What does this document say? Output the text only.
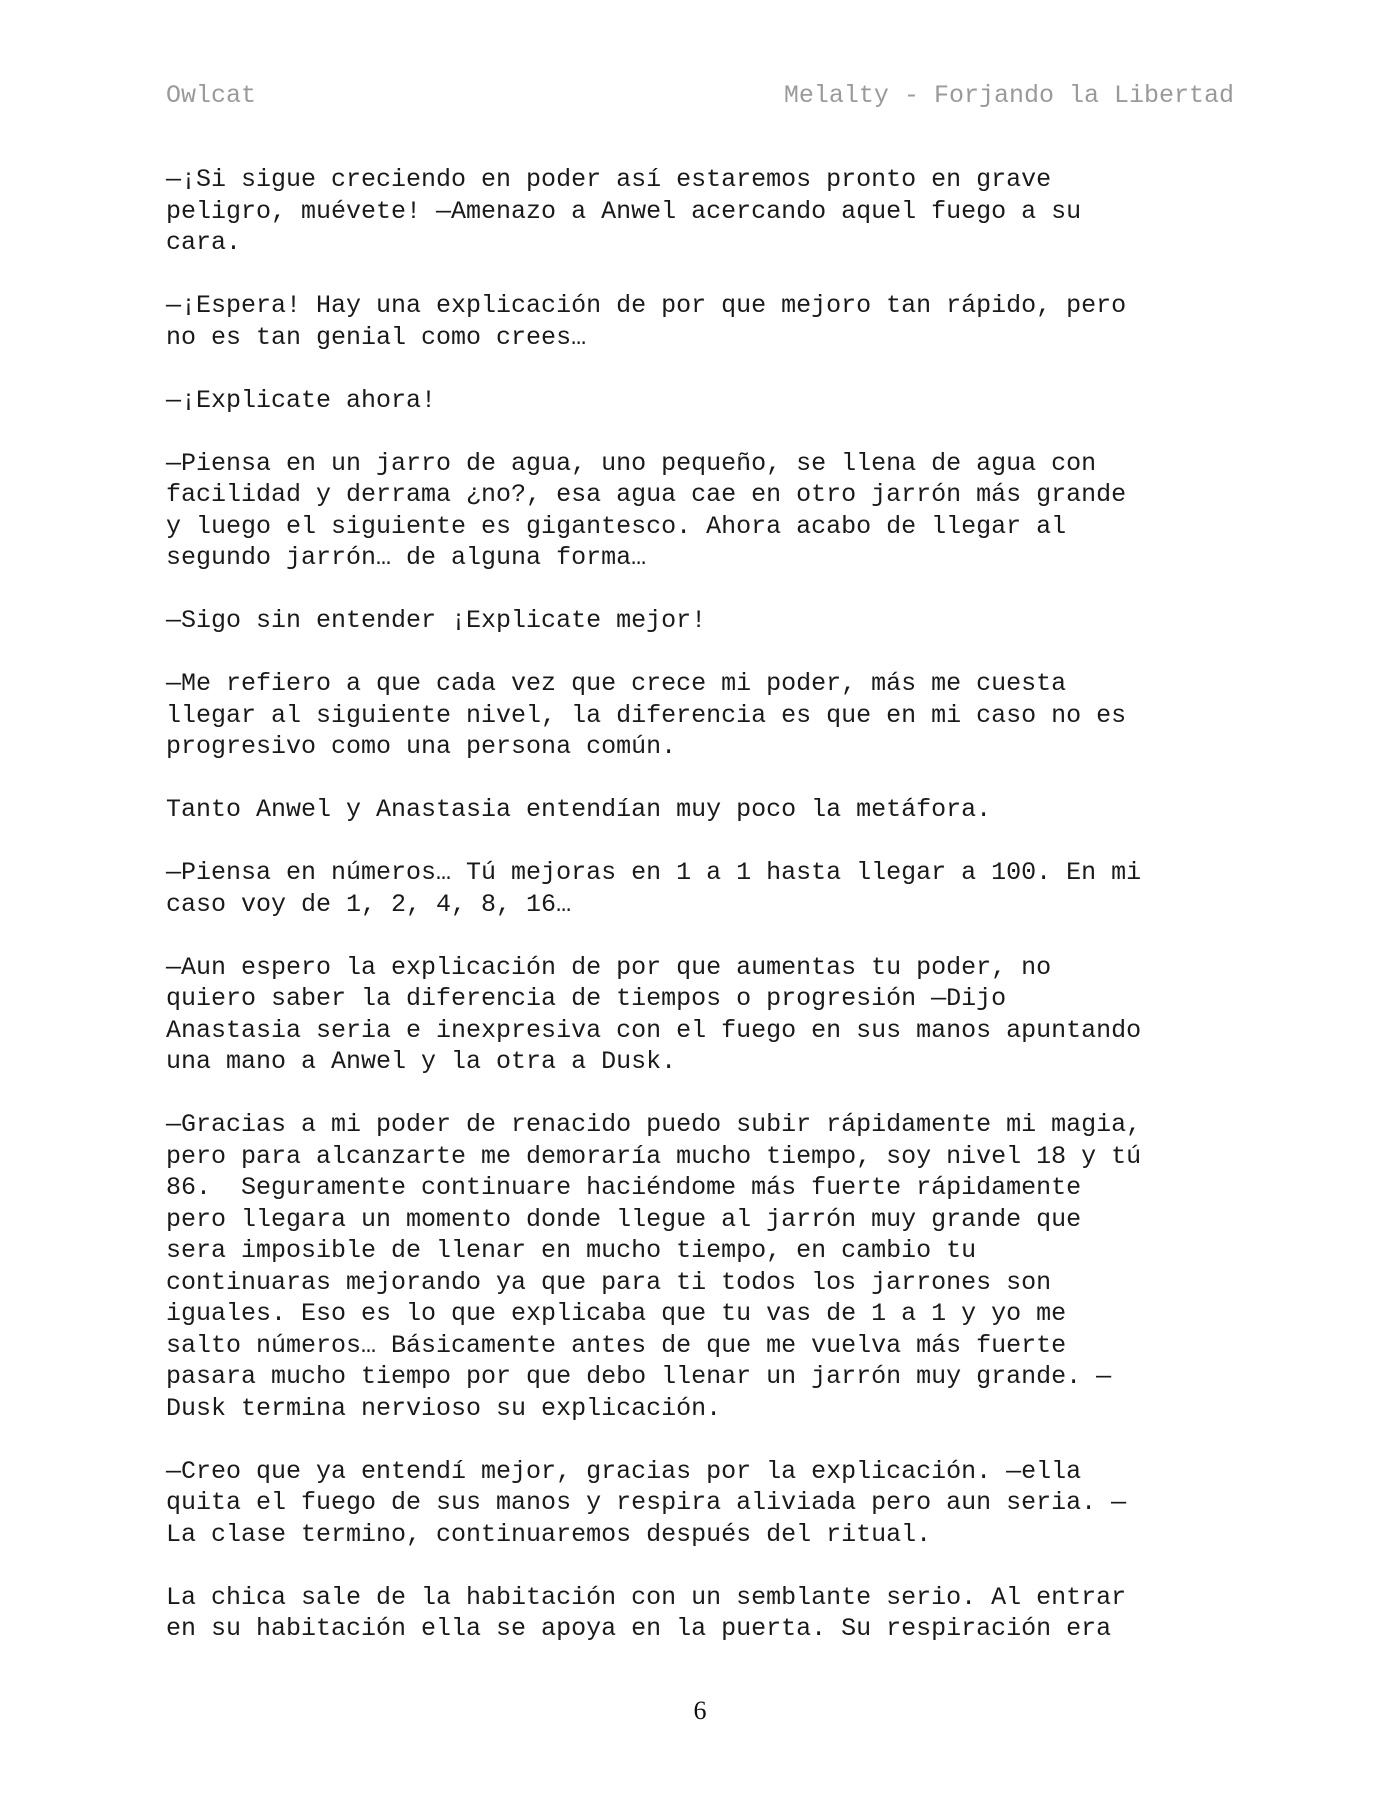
Owlcat	Melalty - Forjando la Libertad
—¡Si sigue creciendo en poder así estaremos pronto en grave
peligro, muévete! —Amenazo a Anwel acercando aquel fuego a su
cara.
—¡Espera! Hay una explicación de por que mejoro tan rápido, pero
no es tan genial como crees…
—¡Explicate ahora!
—Piensa en un jarro de agua, uno pequeño, se llena de agua con
facilidad y derrama ¿no?, esa agua cae en otro jarrón más grande
y luego el siguiente es gigantesco. Ahora acabo de llegar al
segundo jarrón… de alguna forma…
—Sigo sin entender ¡Explicate mejor!
—Me refiero a que cada vez que crece mi poder, más me cuesta
llegar al siguiente nivel, la diferencia es que en mi caso no es
progresivo como una persona común.
Tanto Anwel y Anastasia entendían muy poco la metáfora.
—Piensa en números… Tú mejoras en 1 a 1 hasta llegar a 100. En mi
caso voy de 1, 2, 4, 8, 16…
—Aun espero la explicación de por que aumentas tu poder, no
quiero saber la diferencia de tiempos o progresión —Dijo
Anastasia seria e inexpresiva con el fuego en sus manos apuntando
una mano a Anwel y la otra a Dusk.
—Gracias a mi poder de renacido puedo subir rápidamente mi magia,
pero para alcanzarte me demoraría mucho tiempo, soy nivel 18 y tú
86.  Seguramente continuare haciéndome más fuerte rápidamente
pero llegara un momento donde llegue al jarrón muy grande que
sera imposible de llenar en mucho tiempo, en cambio tu
continuaras mejorando ya que para ti todos los jarrones son
iguales. Eso es lo que explicaba que tu vas de 1 a 1 y yo me
salto números… Básicamente antes de que me vuelva más fuerte
pasara mucho tiempo por que debo llenar un jarrón muy grande. —
Dusk termina nervioso su explicación.
—Creo que ya entendí mejor, gracias por la explicación. —ella
quita el fuego de sus manos y respira aliviada pero aun seria. —
La clase termino, continuaremos después del ritual.
La chica sale de la habitación con un semblante serio. Al entrar
en su habitación ella se apoya en la puerta. Su respiración era
6
